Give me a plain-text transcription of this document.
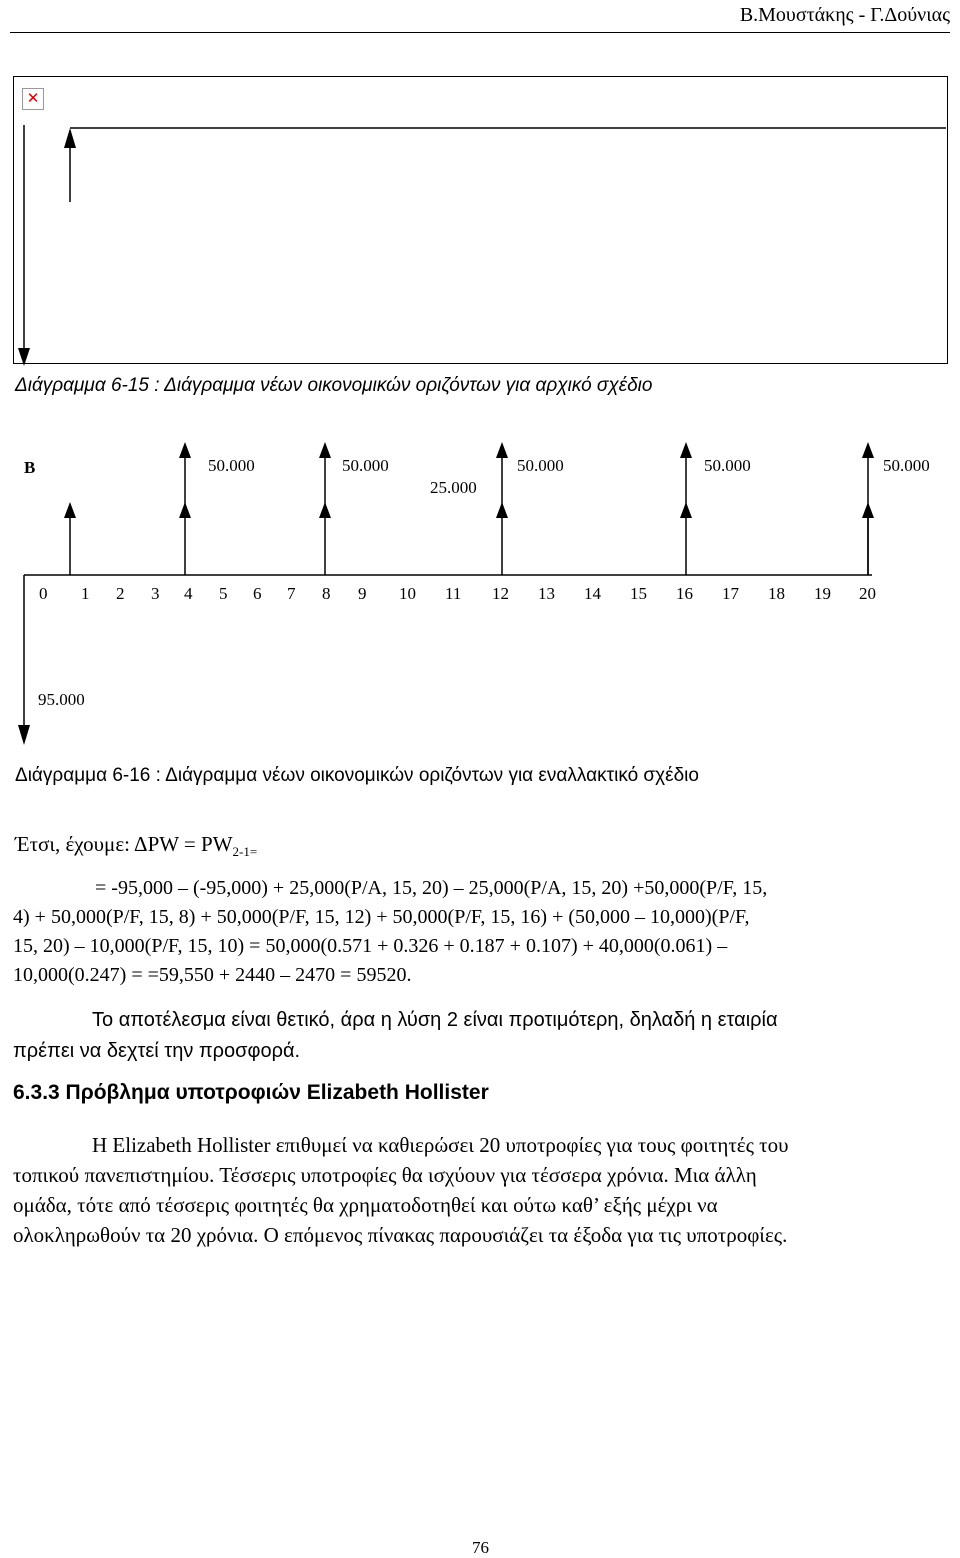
Β.Μουστάκης - Γ.Δούνιας
✕
Διάγραμμα 6-15 : Διάγραμμα νέων οικονομικών οριζόντων για αρχικό σχέδιο
Β	50.000	50.000	50.000	50.000	50.000
25.000
0 1 2 3 4 5 6 7 8 9 10 11 12 13 14 15 16 17 18 19 20
95.000
Διάγραμμα 6-16 : Διάγραμμα νέων οικονομικών οριζόντων για εναλλακτικό σχέδιο
Έτσι, έχουμε: $\Delta PW = PW_{2-1=}$
= -95,000 – (-95,000) + 25,000(P/A, 15, 20) – 25,000(P/A, 15, 20) +50,000(P/F, 15,
4) + 50,000(P/F, 15, 8) + 50,000(P/F, 15, 12) + 50,000(P/F, 15, 16) + (50,000 – 10,000)(P/F,
15, 20) – 10,000(P/F, 15, 10) = 50,000(0.571 + 0.326 + 0.187 + 0.107) + 40,000(0.061) –
10,000(0.247) = =59,550 + 2440 – 2470 = 59520.
Το αποτέλεσμα είναι θετικό, άρα η λύση 2 είναι προτιμότερη, δηλαδή η εταιρία
πρέπει να δεχτεί την προσφορά.
6.3.3 Πρόβλημα υποτροφιών Elizabeth Hollister
Η Elizabeth Hollister επιθυμεί να καθιερώσει 20 υποτροφίες για τους φοιτητές του
τοπικού πανεπιστημίου. Τέσσερις υποτροφίες θα ισχύουν για τέσσερα χρόνια. Μια άλλη
ομάδα, τότε από τέσσερις φοιτητές θα χρηματοδοτηθεί και ούτω καθ’ εξής μέχρι να
ολοκληρωθούν τα 20 χρόνια. Ο επόμενος πίνακας παρουσιάζει τα έξοδα για τις υποτροφίες.
76
